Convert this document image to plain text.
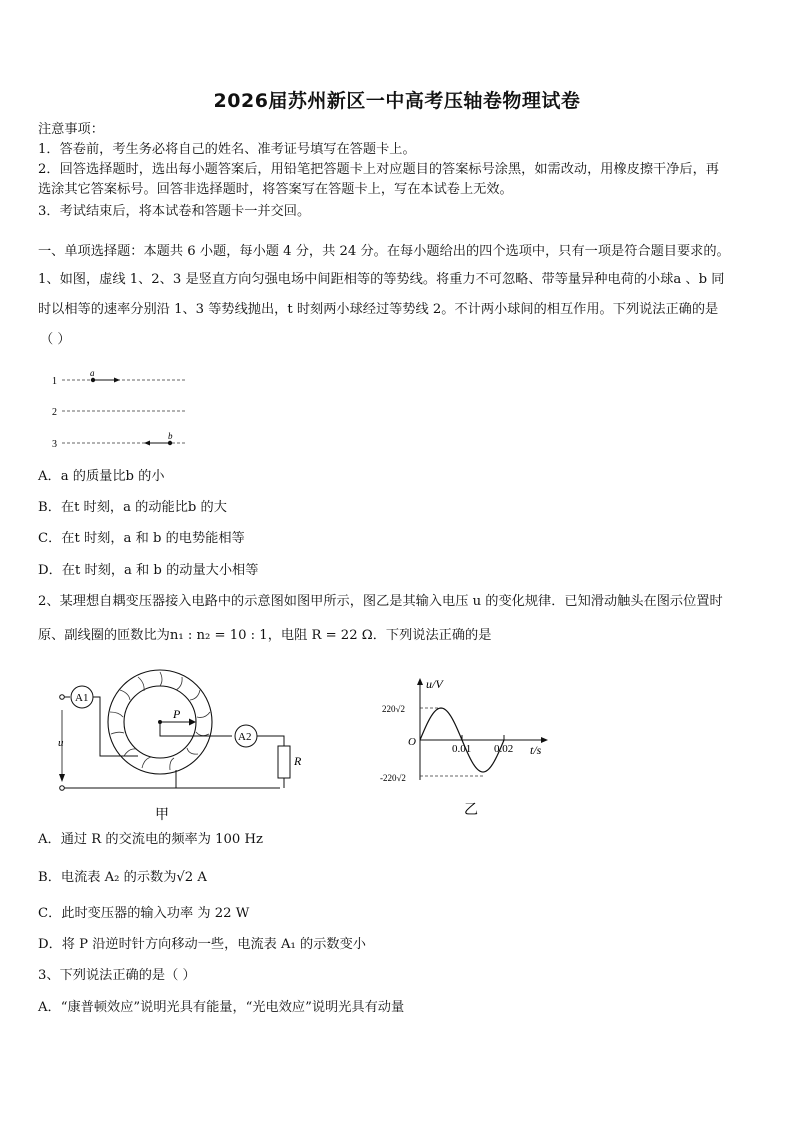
2026届苏州新区一中高考压轴卷物理试卷
注意事项：
1．答卷前，考生务必将自己的姓名、准考证号填写在答题卡上。
2．回答选择题时，选出每小题答案后，用铅笔把答题卡上对应题目的答案标号涂黑，如需改动，用橡皮擦干净后，再
选涂其它答案标号。回答非选择题时，将答案写在答题卡上，写在本试卷上无效。
3．考试结束后，将本试卷和答题卡一并交回。
一、单项选择题：本题共 6 小题，每小题 4 分，共 24 分。在每小题给出的四个选项中，只有一项是符合题目要求的。
1、如图，虚线 1、2、3 是竖直方向匀强电场中间距相等的等势线。将重力不可忽略、带等量异种电荷的小球a 、b 同
时以相等的速率分别沿 1、3 等势线抛出，t 时刻两小球经过等势线 2。不计两小球间的相互作用。下列说法正确的是
（ ）
1
2
3
a
b
A．a 的质量比b 的小
B．在t 时刻，a 的动能比b 的大
C．在t 时刻，a 和 b 的电势能相等
D．在t 时刻，a 和 b 的动量大小相等
2、某理想自耦变压器接入电路中的示意图如图甲所示，图乙是其输入电压 u 的变化规律．已知滑动触头在图示位置时
原、副线圈的匝数比为n₁ : n₂ = 10 : 1，电阻 R = 22 Ω．下列说法正确的是
A1
u
P
A2
R
甲
u/V
220√2
-220√2
O
0.01 0.02 t/s
乙
A．通过 R 的交流电的频率为 100 Hz
B．电流表 A₂ 的示数为√2 A
C．此时变压器的输入功率 为 22 W
D．将 P 沿逆时针方向移动一些，电流表 A₁ 的示数变小
3、下列说法正确的是（ ）
A．“康普顿效应”说明光具有能量，“光电效应”说明光具有动量
